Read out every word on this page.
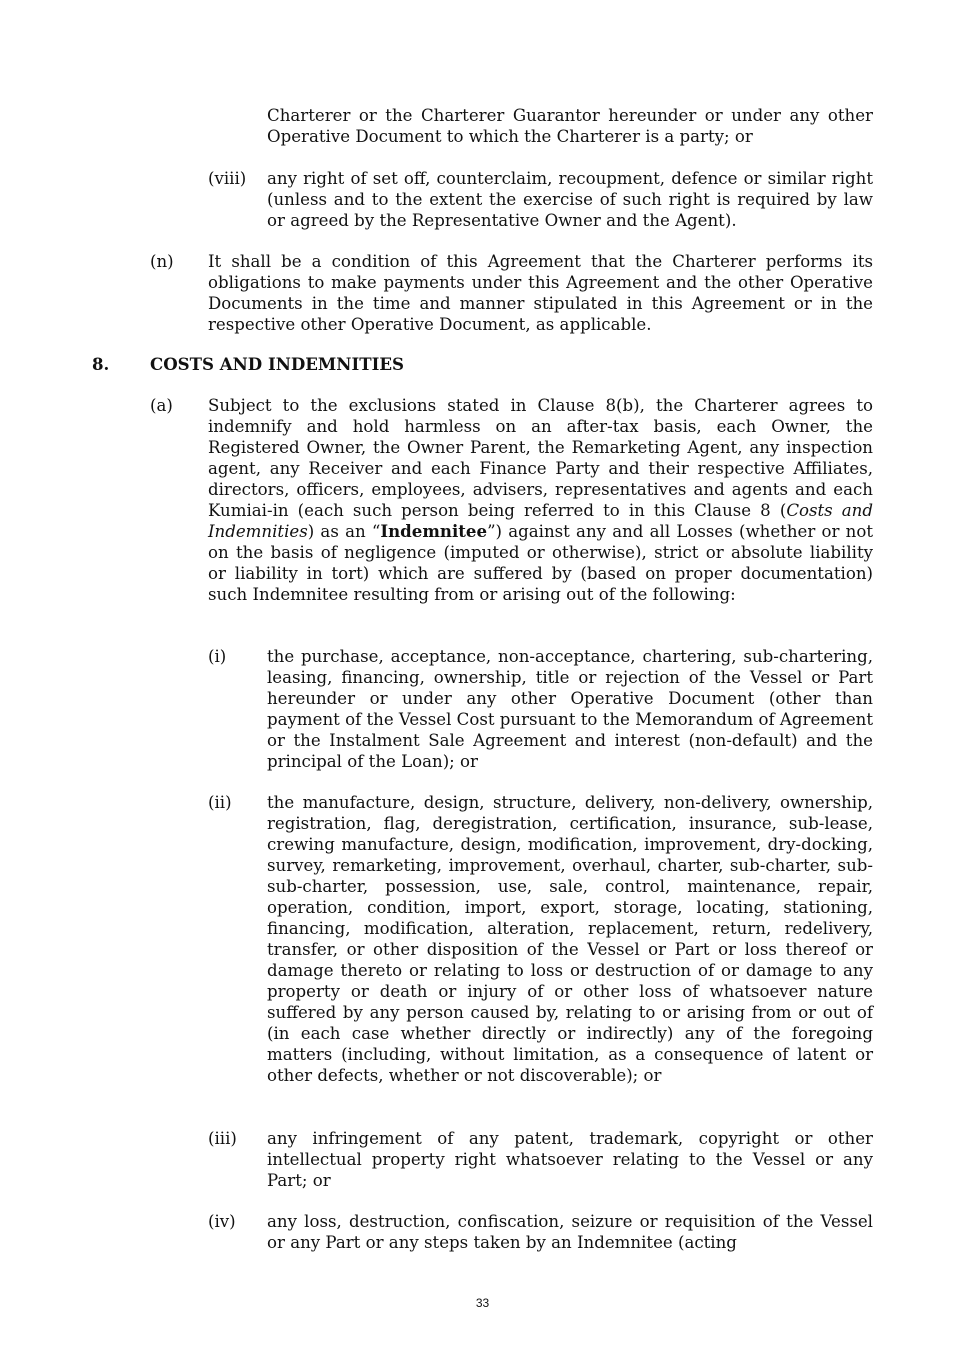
Charterer or the Charterer Guarantor hereunder or under any other Operative Document to which the Charterer is a party; or

(viii) any right of set off, counterclaim, recoupment, defence or similar right (unless and to the extent the exercise of such right is required by law or agreed by the Representative Owner and the Agent).

(n) It shall be a condition of this Agreement that the Charterer performs its obligations to make payments under this Agreement and the other Operative Documents in the time and manner stipulated in this Agreement or in the respective other Operative Document, as applicable.

8. COSTS AND INDEMNITIES
(a) Subject to the exclusions stated in Clause 8(b), the Charterer agrees to indemnify and hold harmless on an after-tax basis, each Owner, the Registered Owner, the Owner Parent, the Remarketing Agent, any inspection agent, any Receiver and each Finance Party and their respective Affiliates, directors, officers, employees, advisers, representatives and agents and each Kumiai-in (each such person being referred to in this Clause 8 (Costs and Indemnities) as an “Indemnitee”) against any and all Losses (whether or not on the basis of negligence (imputed or otherwise), strict or absolute liability or liability in tort) which are suffered by (based on proper documentation) such Indemnitee resulting from or arising out of the following:

(i) the purchase, acceptance, non-acceptance, chartering, sub-chartering, leasing, financing, ownership, title or rejection of the Vessel or Part hereunder or under any other Operative Document (other than payment of the Vessel Cost pursuant to the Memorandum of Agreement or the Instalment Sale Agreement and interest (non-default) and the principal of the Loan); or

(ii) the manufacture, design, structure, delivery, non-delivery, ownership, registration, flag, deregistration, certification, insurance, sub-lease, crewing manufacture, design, modification, improvement, dry-docking, survey, remarketing, improvement, overhaul, charter, sub-charter, sub-sub-charter, possession, use, sale, control, maintenance, repair, operation, condition, import, export, storage, locating, stationing, financing, modification, alteration, replacement, return, redelivery, transfer, or other disposition of the Vessel or Part or loss thereof or damage thereto or relating to loss or destruction of or damage to any property or death or injury of or other loss of whatsoever nature suffered by any person caused by, relating to or arising from or out of (in each case whether directly or indirectly) any of the foregoing matters (including, without limitation, as a consequence of latent or other defects, whether or not discoverable); or

(iii) any infringement of any patent, trademark, copyright or other intellectual property right whatsoever relating to the Vessel or any Part; or

(iv) any loss, destruction, confiscation, seizure or requisition of the Vessel or any Part or any steps taken by an Indemnitee (acting

33
